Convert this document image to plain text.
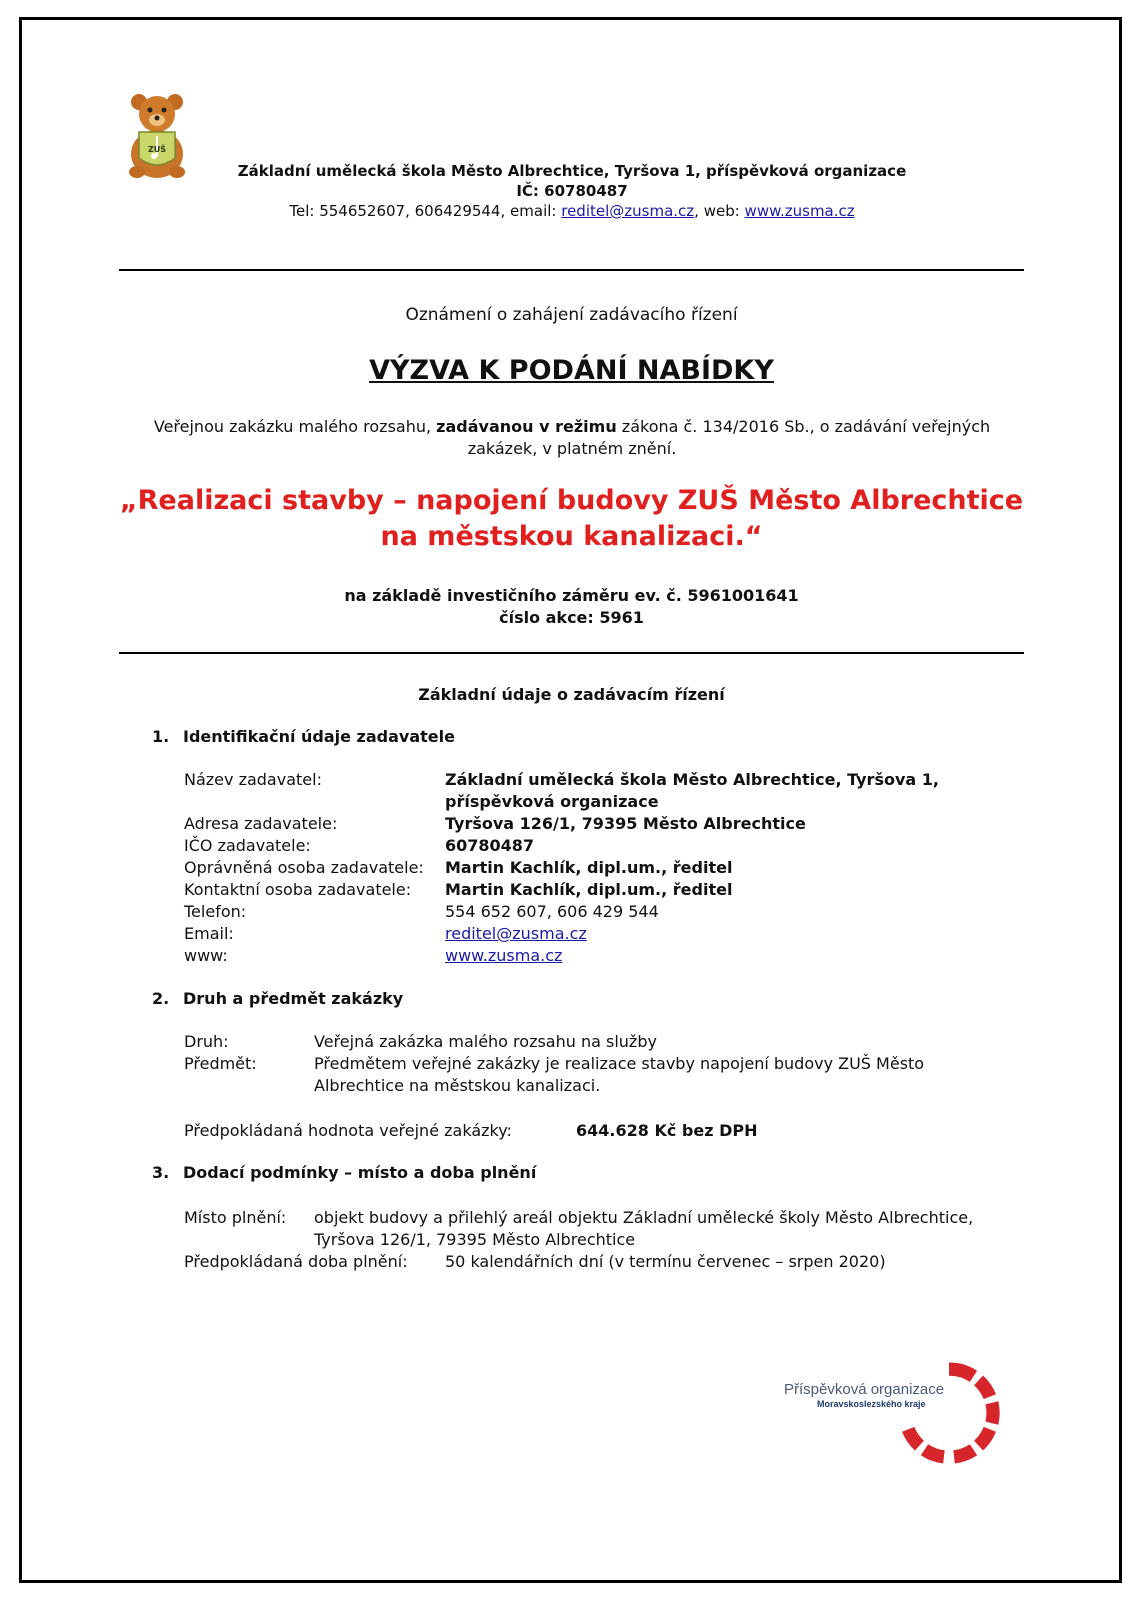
ZUŠ
Základní umělecká škola Město Albrechtice, Tyršova 1, příspěvková organizace
IČ: 60780487
Tel: 554652607, 606429544, email: reditel@zusma.cz, web: www.zusma.cz
Oznámení o zahájení zadávacího řízení
VÝZVA K PODÁNÍ NABÍDKY
Veřejnou zakázku malého rozsahu, zadávanou v režimu zákona č. 134/2016 Sb., o zadávání veřejných
zakázek, v platném znění.
„Realizaci stavby – napojení budovy ZUŠ Město Albrechtice
na městskou kanalizaci.“
na základě investičního záměru ev. č. 5961001641
číslo akce: 5961
Základní údaje o zadávacím řízení
1. Identifikační údaje zadavatele
Název zadavatel:	Základní umělecká škola Město Albrechtice, Tyršova 1,
příspěvková organizace
Adresa zadavatele:	Tyršova 126/1, 79395 Město Albrechtice
IČO zadavatele:	60780487
Oprávněná osoba zadavatele: Martin Kachlík, dipl.um., ředitel
Kontaktní osoba zadavatele: Martin Kachlík, dipl.um., ředitel
Telefon:	554 652 607, 606 429 544
Email:	reditel@zusma.cz
www:	www.zusma.cz
2. Druh a předmět zakázky
Druh:	Veřejná zakázka malého rozsahu na služby
Předmět:	Předmětem veřejné zakázky je realizace stavby napojení budovy ZUŠ Město
Albrechtice na městskou kanalizaci.
Předpokládaná hodnota veřejné zakázky:	644.628 Kč bez DPH
3. Dodací podmínky – místo a doba plnění
Místo plnění: objekt budovy a přilehlý areál objektu Základní umělecké školy Město Albrechtice,
Tyršova 126/1, 79395 Město Albrechtice
Předpokládaná doba plnění: 50 kalendářních dní (v termínu červenec – srpen 2020)
Příspěvková organizace
Moravskoslezského kraje
